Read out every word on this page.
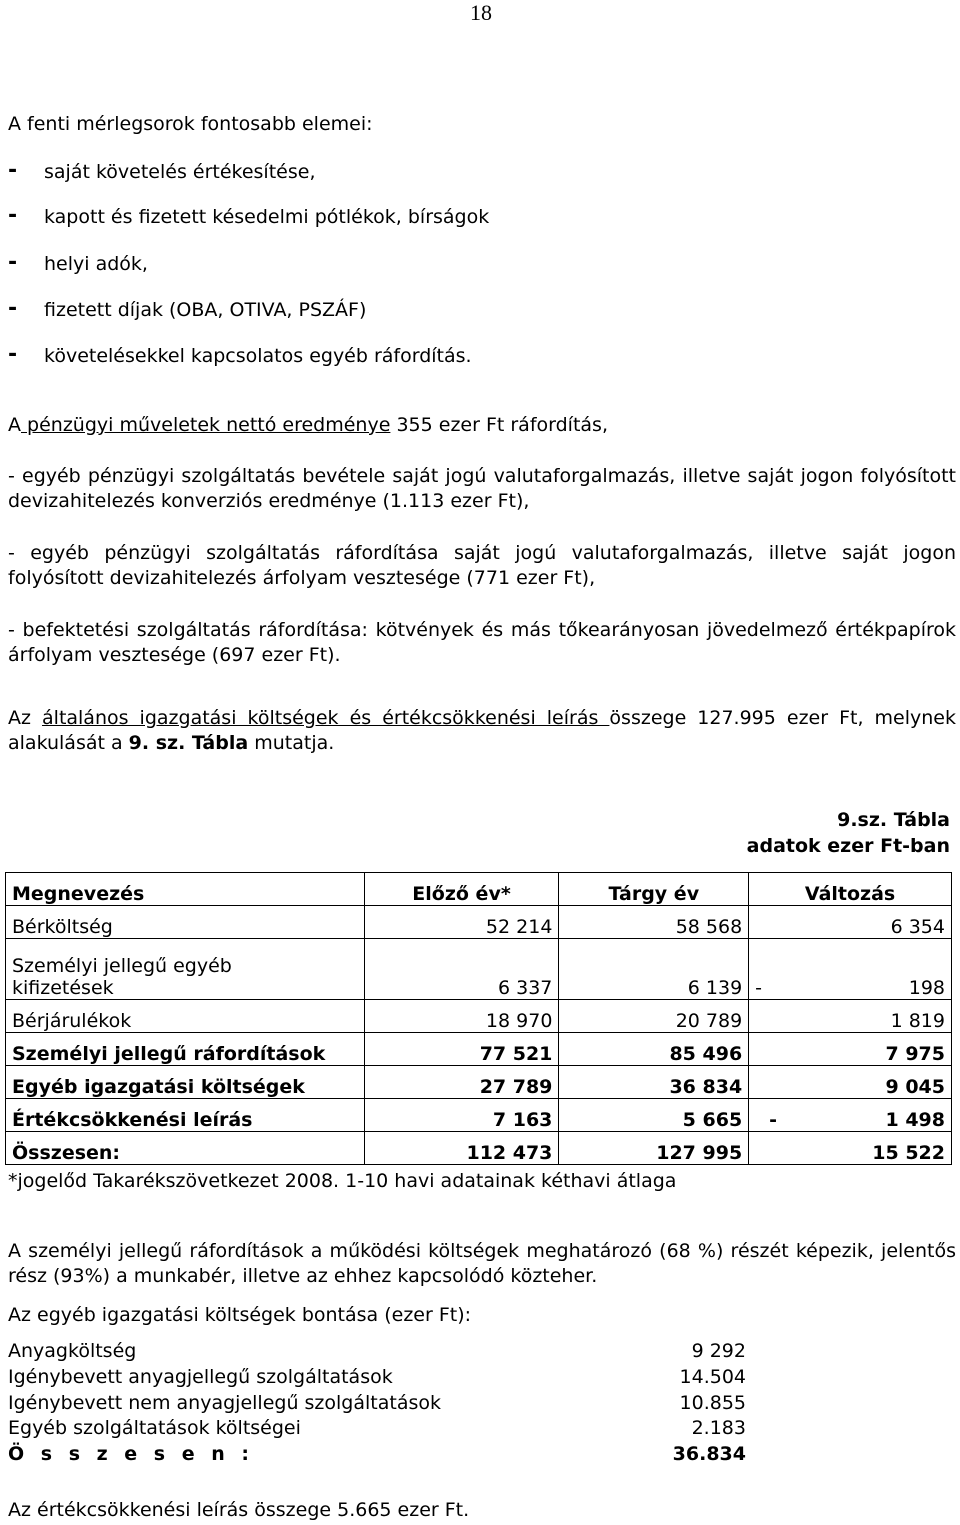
18
A fenti mérlegsorok fontosabb elemei:
- saját követelés értékesítése,
- kapott és fizetett késedelmi pótlékok, bírságok
- helyi adók,
- fizetett díjak (OBA, OTIVA, PSZÁF)
- követelésekkel kapcsolatos egyéb ráfordítás.
A pénzügyi műveletek nettó eredménye 355 ezer Ft ráfordítás,
- egyéb pénzügyi szolgáltatás bevétele saját jogú valutaforgalmazás, illetve saját jogon folyósított devizahitelezés konverziós eredménye (1.113 ezer Ft),
- egyéb pénzügyi szolgáltatás ráfordítása saját jogú valutaforgalmazás, illetve saját jogon folyósított devizahitelezés árfolyam vesztesége (771 ezer Ft),
- befektetési szolgáltatás ráfordítása: kötvények és más tőkearányosan jövedelmező értékpapírok árfolyam vesztesége (697 ezer Ft).
Az általános igazgatási költségek és értékcsökkenési leírás összege 127.995 ezer Ft, melynek alakulását a 9. sz. Tábla mutatja.
9.sz. Tábla
adatok ezer Ft-ban
Megnevezés	Előző év*	Tárgy év	Változás
Bérköltség	52 214	58 568	6 354
Személyi jellegű egyéb
kifizetések	6 337	6 139	- 198

Bérjárulékok	18 970	20 789	1 819
Személyi jellegű ráfordítások	77 521	85 496	7 975
Egyéb igazgatási költségek	27 789	36 834	9 045
Értékcsökkenési leírás	7 163	5 665	- 1 498

Összesen:	112 473	127 995	15 522
*jogelőd Takarékszövetkezet 2008. 1-10 havi adatainak kéthavi átlaga
A személyi jellegű ráfordítások a működési költségek meghatározó (68 %) részét képezik, jelentős rész (93%) a munkabér, illetve az ehhez kapcsolódó közteher.
Az egyéb igazgatási költségek bontása (ezer Ft):
Anyagköltség	9 292
Igénybevett anyagjellegű szolgáltatások	14.504
Igénybevett nem anyagjellegű szolgáltatások	10.855
Egyéb szolgáltatások költségei	2.183
Ö s s z e s e n :	36.834
Az értékcsökkenési leírás összege 5.665 ezer Ft.
